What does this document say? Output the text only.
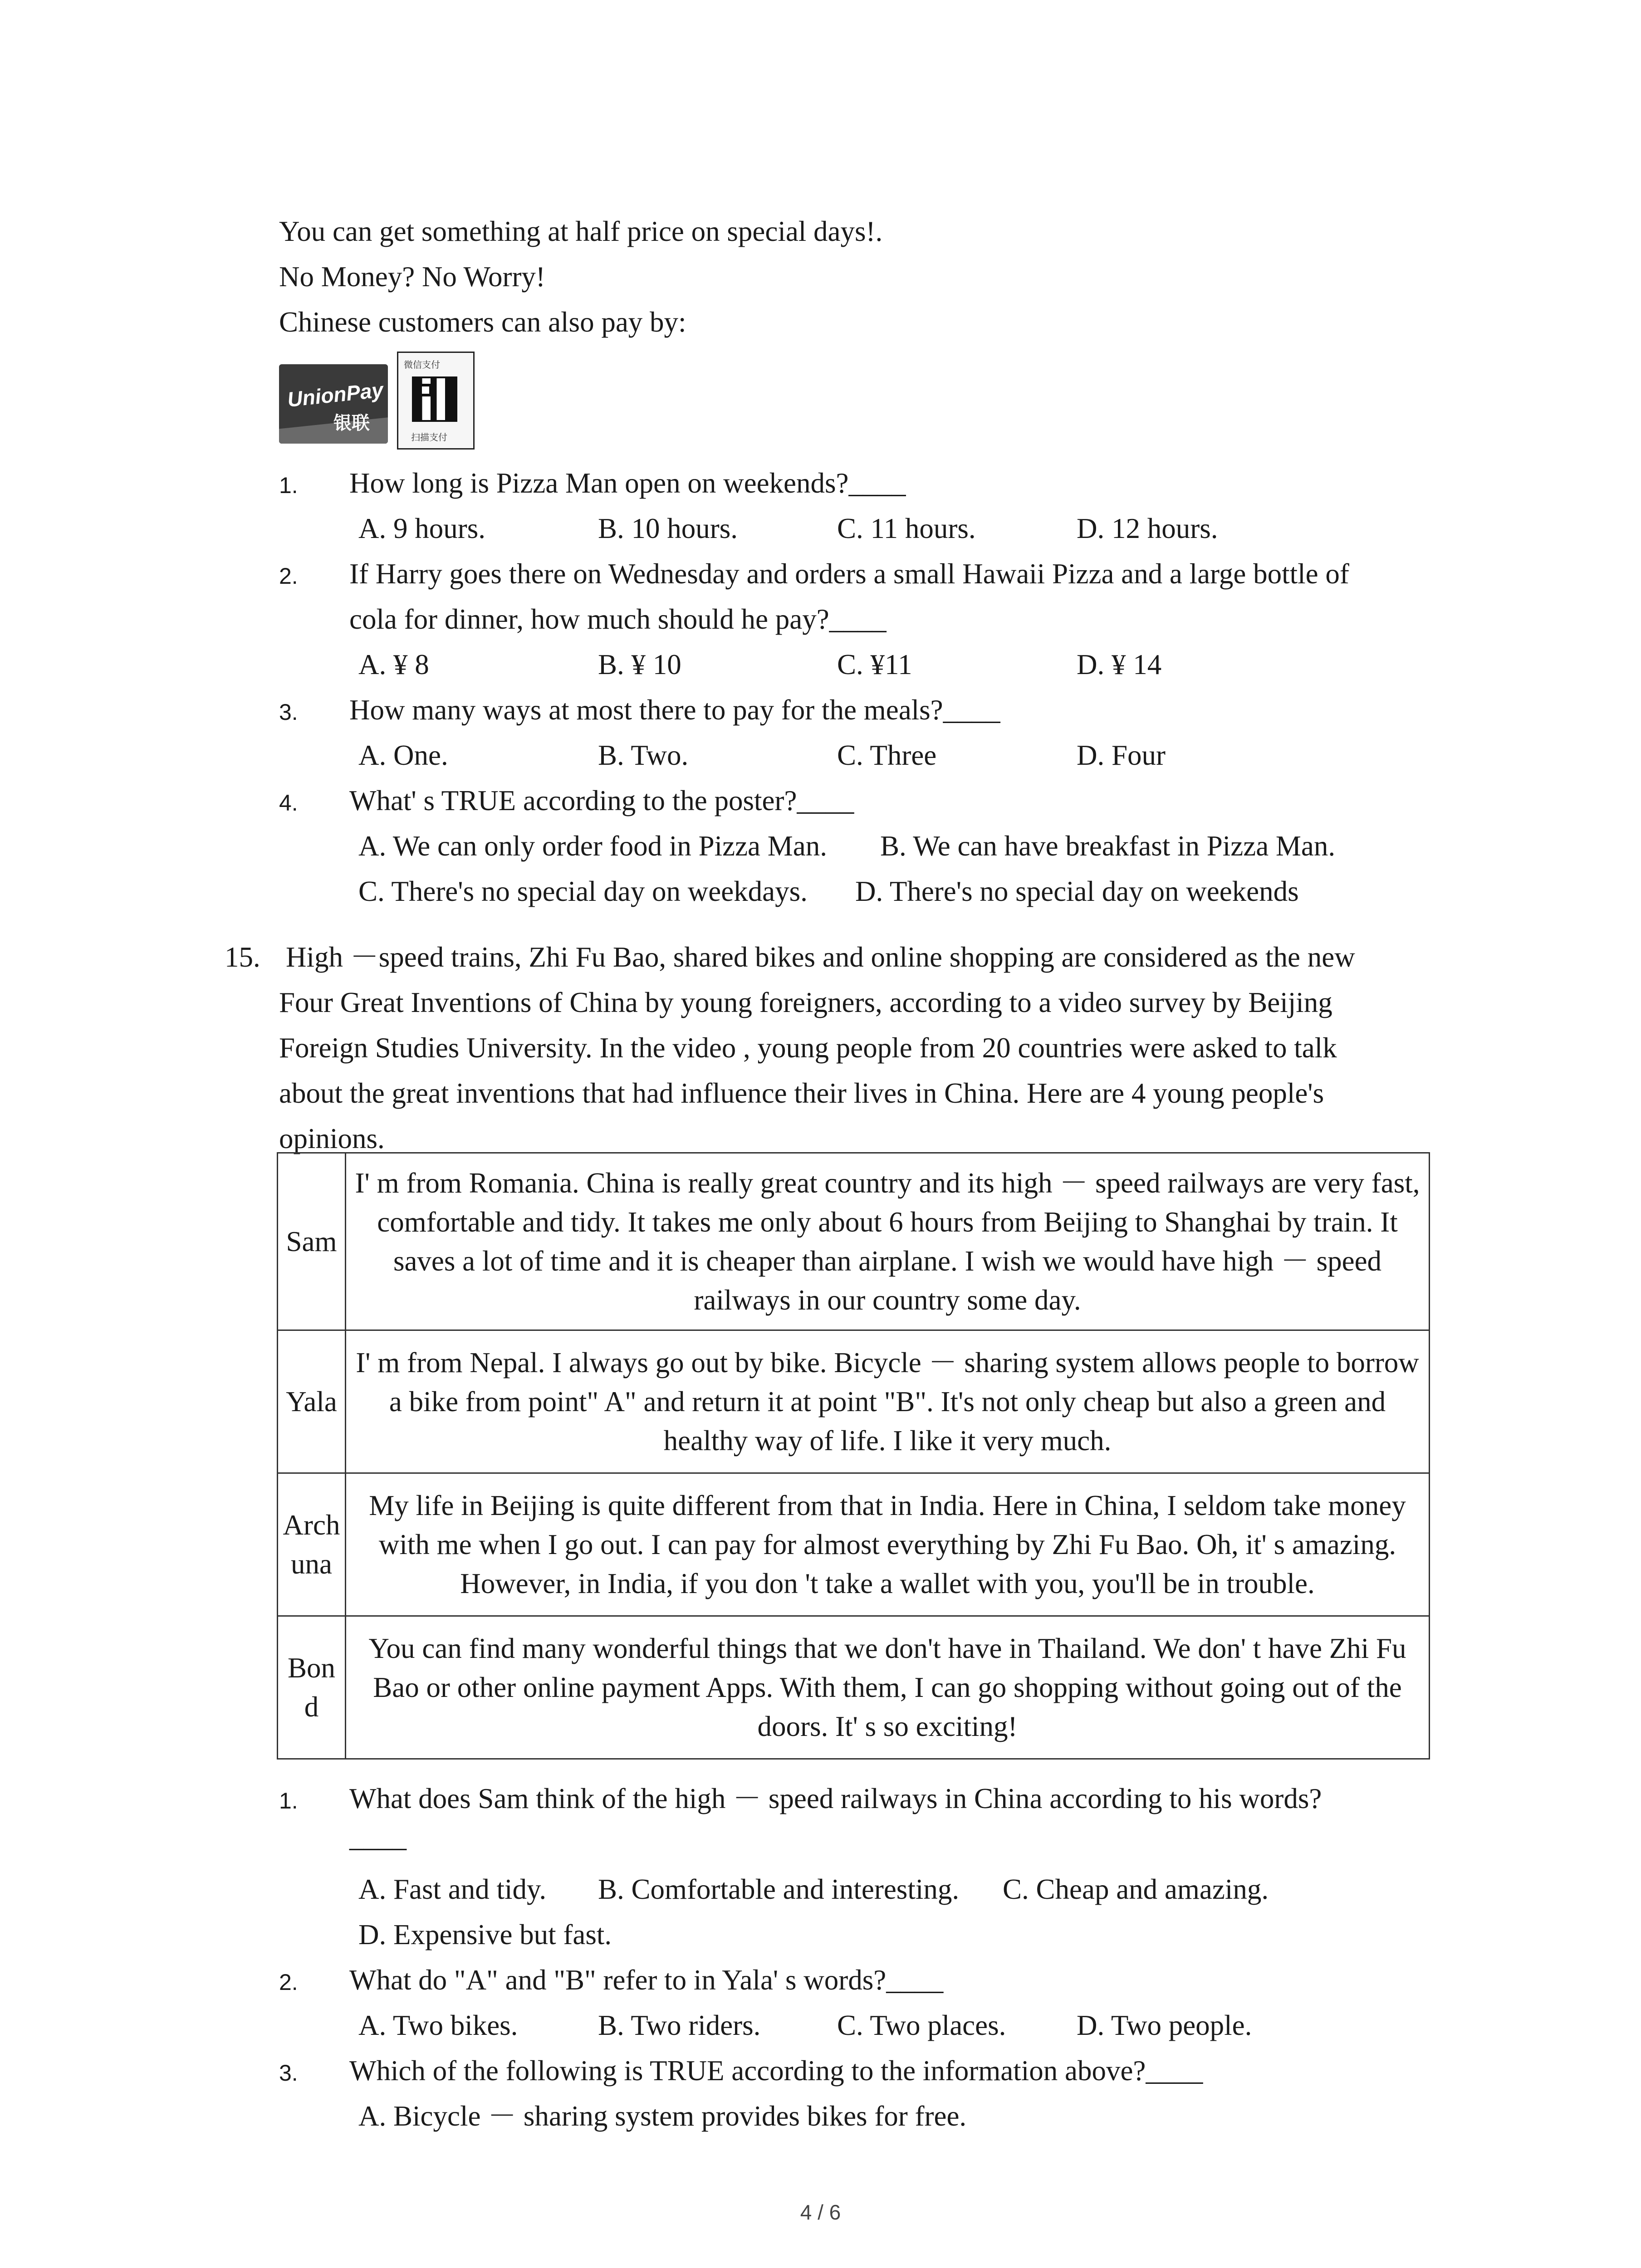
You can get something at half price on special days!.
No Money? No Worry!
Chinese customers can also pay by:
UnionPay
银联
微信支付
扫描支付
1. How long is Pizza Man open on weekends?____
A. 9 hours.	B. 10 hours.	C. 11 hours.	D. 12 hours.
2. If Harry goes there on Wednesday and orders a small Hawaii Pizza and a large bottle of
cola for dinner, how much should he pay?____
A. ¥ 8	B. ¥ 10	C. ¥11	D. ¥ 14
3. How many ways at most there to pay for the meals?____
A. One.	B. Two.	C. Three	D. Four
4. What' s TRUE according to the poster?____
A. We can only order food in Pizza Man. B. We can have breakfast in Pizza Man.
C. There's no special day on weekdays. D. There's no special day on weekends
15. High －speed trains, Zhi Fu Bao, shared bikes and online shopping are considered as the new
Four Great Inventions of China by young foreigners, according to a video survey by Beijing
Foreign Studies University. In the video , young people from 20 countries were asked to talk
about the great inventions that had influence their lives in China. Here are 4 young people's
opinions.
Sam	I' m from Romania. China is really great country and its high － speed railways are very fast, comfortable and tidy. It takes me only about 6 hours from Beijing to Shanghai by train. It saves a lot of time and it is cheaper than airplane. I wish we would have high － speed railways in our country some day.
Yala	I' m from Nepal. I always go out by bike. Bicycle － sharing system allows people to borrow a bike from point" A" and return it at point "B". It's not only cheap but also a green and healthy way of life. I like it very much.
Archuna	My life in Beijing is quite different from that in India. Here in China, I seldom take money with me when I go out. I can pay for almost everything by Zhi Fu Bao. Oh, it' s amazing. However, in India, if you don 't take a wallet with you, you'll be in trouble.
Bond	You can find many wonderful things that we don't have in Thailand. We don' t have Zhi Fu Bao or other online payment Apps. With them, I can go shopping without going out of the doors. It' s so exciting!
1. What does Sam think of the high － speed railways in China according to his words?
____
A. Fast and tidy. B. Comfortable and interesting. C. Cheap and amazing.
D. Expensive but fast.
2. What do "A" and "B" refer to in Yala' s words?____
A. Two bikes.	B. Two riders.	C. Two places. D. Two people.
3. Which of the following is TRUE according to the information above?____
A. Bicycle － sharing system provides bikes for free.
4 / 6
